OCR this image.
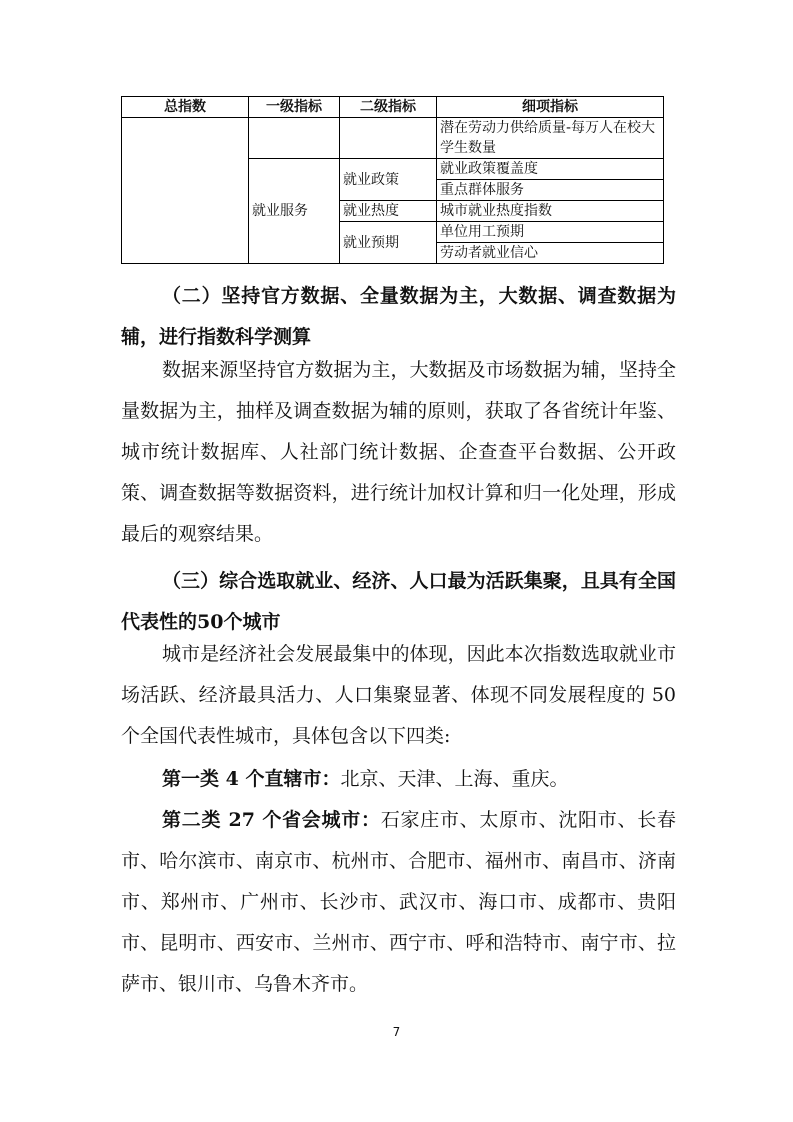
总指数	一级指标	二级指标	细项指标
			潜在劳动力供给质量-每万人在校大学生数量
	就业服务	就业政策	就业政策覆盖度
			重点群体服务
		就业热度	城市就业热度指数
		就业预期	单位用工预期
			劳动者就业信心
（二）坚持官方数据、全量数据为主，大数据、调查数据为辅，进行指数科学测算
数据来源坚持官方数据为主，大数据及市场数据为辅，坚持全量数据为主，抽样及调查数据为辅的原则，获取了各省统计年鉴、城市统计数据库、人社部门统计数据、企查查平台数据、公开政策、调查数据等数据资料，进行统计加权计算和归一化处理，形成最后的观察结果。
（三）综合选取就业、经济、人口最为活跃集聚，且具有全国代表性的50个城市
城市是经济社会发展最集中的体现，因此本次指数选取就业市场活跃、经济最具活力、人口集聚显著、体现不同发展程度的 50 个全国代表性城市，具体包含以下四类:
第一类 4 个直辖市：北京、天津、上海、重庆。
第二类 27 个省会城市：石家庄市、太原市、沈阳市、长春市、哈尔滨市、南京市、杭州市、合肥市、福州市、南昌市、济南市、郑州市、广州市、长沙市、武汉市、海口市、成都市、贵阳市、昆明市、西安市、兰州市、西宁市、呼和浩特市、南宁市、拉萨市、银川市、乌鲁木齐市。
7
